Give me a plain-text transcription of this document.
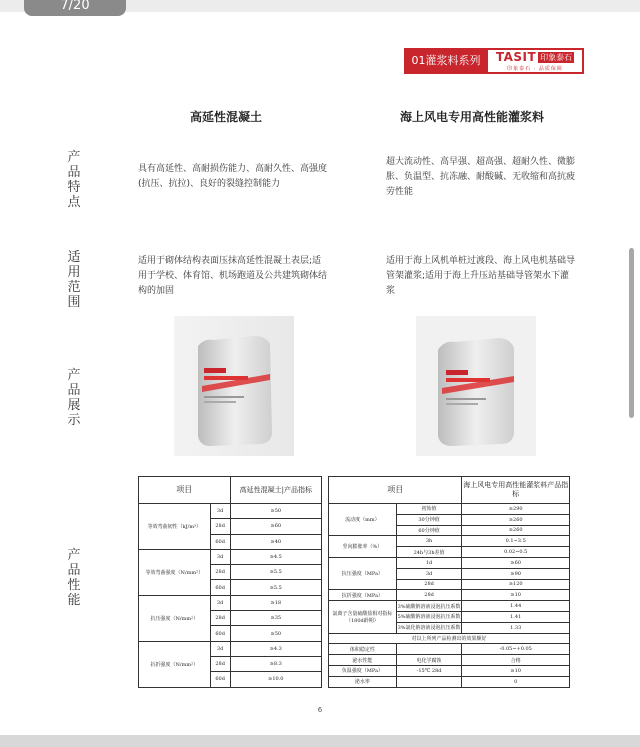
7/20
01灌浆料系列	TASIT 印象泰石
印象泰石 · 品质保障
高延性混凝土	海上风电专用高性能灌浆料
产
品
特
点
具有高延性、高耐损伤能力、高耐久性、高强度(抗压、抗拉)、良好的裂缝控制能力
超大流动性、高早强、超高强、超耐久性、微膨胀、负温型、抗冻融、耐酸碱、无收缩和高抗疲劳性能
适
用
范
围
适用于砌体结构表面压抹高延性混凝土表层;适用于学校、体育馆、机场跑道及公共建筑砌体结构的加固
适用于海上风机单桩过渡段、海上风电机基础导管架灌浆;适用于海上升压站基础导管架水下灌浆
产
品
展
示
产
品
性
能
项目		高延性混凝土|产品指标
等效弯曲韧性（kJ/m³）	3d	≥50
	28d	≥60
	60d	≥40
等效弯曲强度（N/mm²）	3d	≥4.5
	28d	≥5.5
	60d	≥5.5
抗压强度（N/mm²）	3d	≥18
	28d	≥35
	60d	≥50
抗折强度（N/mm²）	3d	≥4.3
	28d	≥8.3
	60d	≥10.0
项目		海上风电专用高性能灌浆料产品指标
流动度（mm）	初始值	≥290
	30分钟值	≥260
	60分钟值	≥260
竖向膨胀率（%）	3h	0.1~3.5
	24h与3h差值	0.02~0.5
抗压强度（MPa）	1d	≥60
	3d	≥90
	28d	≥120
抗折强度（MPa）	28d	≥10
氯离子含量硫酸盐相对指标（180d龄期）	3%硫酸钠溶液浸泡抗压系数	1.44
	5%硫酸钠溶液浸泡抗压系数	1.41
	3%氯化钠溶液浸泡抗压系数	1.33
对以上所列产品检测出的效果颇好		
体积稳定性		-0.05~+0.05
泌水性能	电化学腐蚀	合格
负温强度（MPa）	-15℃ 28d	≥10
泌水率		0
6
